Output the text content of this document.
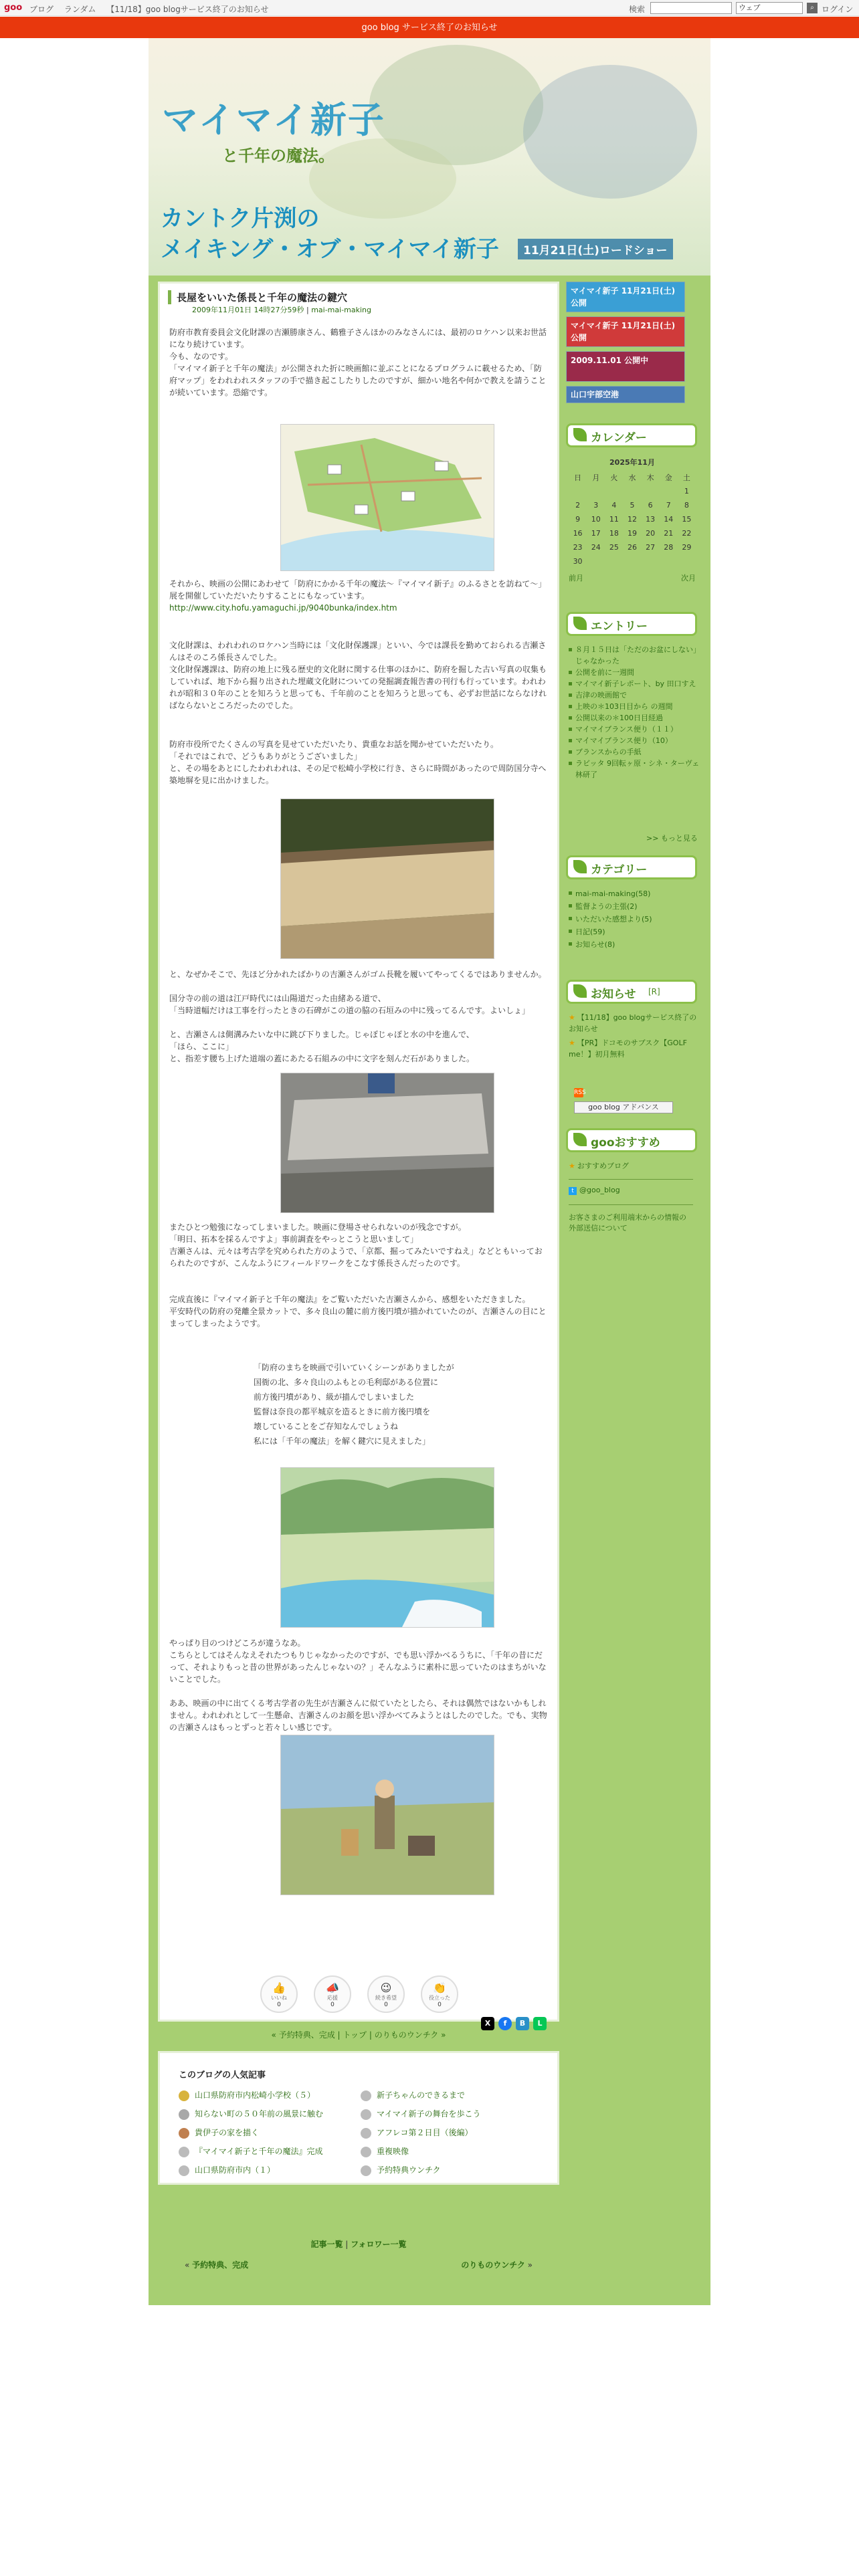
goo ブログ ランダム 【11/18】goo blogサービス終了のお知らせ	検索	ウェブ	⌕ ログイン
goo blog サービス終了のお知らせ
マイマイ新子
と千年の魔法。
カントク片渕の
メイキング・オブ・マイマイ新子	11月21日(土)ロードショー
長屋をいいた係長と千年の魔法の鍵穴
2009年11月01日 14時27分59秒 | mai-mai-making
防府市教育委員会文化財課の吉瀬勝康さん、鶴雅子さんほかのみなさんには、最初のロケハン以来お世話になり続けています。
今も、なのです。
「マイマイ新子と千年の魔法」が公開された折に映画館に並ぶことになるプログラムに載せるため、「防府マップ」をわれわれスタッフの手で描き起こしたりしたのですが、細かい地名や何かで教えを請うことが続いています。恐縮です。
それから、映画の公開にあわせて「防府にかかる千年の魔法～『マイマイ新子』のふるさとを訪ねて～」展を開催していただいたりすることにもなっています。
http://www.city.hofu.yamaguchi.jp/9040bunka/index.htm
文化財課は、われわれのロケハン当時には「文化財保護課」といい、今では課長を勤めておられる吉瀬さんはそのころ係長さんでした。
文化財保護課は、防府の地上に残る歴史的文化財に関する仕事のほかに、防府を掘した古い写真の収集もしていれば、地下から掘り出された埋蔵文化財についての発掘調査報告書の刊行も行っています。われわれが昭和３０年のことを知ろうと思っても、千年前のことを知ろうと思っても、必ずお世話にならなければならないところだったのでした。
防府市役所でたくさんの写真を見せていただいたり、貴重なお話を聞かせていただいたり。
「それではこれで、どうもありがとうございました」
と、その場をあとにしたわれわれは、その足で松崎小学校に行き、さらに時間があったので周防国分寺へ築地塀を見に出かけました。
と、なぜかそこで、先ほど分かれたばかりの吉瀬さんがゴム長靴を履いてやってくるではありませんか。
国分寺の前の道は江戸時代には山陽道だった由緒ある道で、
「当時道幅だけは工事を行ったときの石碑がこの道の脇の石垣みの中に残ってるんです。よいしょ」
と、吉瀬さんは側溝みたいな中に跳び下りました。じゃぽじゃぽと水の中を進んで、
「ほら、ここに」
と、指差す腰ち上げた道端の蓋にあたる石組みの中に文字を刻んだ石がありました。
またひとつ勉強になってしまいました。映画に登場させられないのが残念ですが。
「明日、拓本を採るんですよ」事前調査をやっとこうと思いまして」
吉瀬さんは、元々は考古学を究められた方のようで、「京都、掘ってみたいですねえ」などともいっておられたのですが、こんなふうにフィールドワークをこなす係長さんだったのです。
完成直後に『マイマイ新子と千年の魔法』をご覧いただいた吉瀬さんから、感想をいただきました。
平安時代の防府の発離全景カットで、多々良山の麓に前方後円墳が描かれていたのが、吉瀬さんの目にとまってしまったようです。
「防府のまちを映画で引いていくシーンがありましたが
国衙の北、多々良山のふもとの毛利邸がある位置に
前方後円墳があり、級が描んでしまいました
監督は奈良の都平城京を造るときに前方後円墳を
壊していることをご存知なんでしょうね
私には「千年の魔法」を解く鍵穴に見えました」
やっぱり目のつけどころが違うなあ。
こちらとしてはそんなえそれたつもりじゃなかったのですが、でも思い浮かべるうちに、「千年の昔にだって、それよりもっと昔の世界があったんじゃないの？」そんなふうに素朴に思っていたのはまちがいないことでした。
ああ、映画の中に出てくる考古学者の先生が吉瀬さんに似ていたとしたら、それは偶然ではないかもしれません。われわれとして一生懸命、吉瀬さんのお顔を思い浮かべてみようとはしたのでした。でも、実物の吉瀬さんはもっとずっと若々しい感じです。
👍
いいね
0
📣
応援
0
😉
続き希望
0
👏
役立った
0
X	f	B	L
« 予約特典、完成 | トップ | のりものウンチク »
このブログの人気記事
山口県防府市内松崎小学校（５）
知らない町の５０年前の風景に触む
貴伊子の家を描く
『マイマイ新子と千年の魔法』完成
山口県防府市内（１）
新子ちゃんのできるまで
マイマイ新子の舞台を歩こう
アフレコ第２日目（後編）
重複映像
予約特典ウンチク
記事一覧 | フォロワー一覧
« 予約特典、完成	のりものウンチク »
マイマイ新子 11月21日(土)公開
マイマイ新子 11月21日(土)公開
2009.11.01 公開中
山口宇部空港
カレンダー
2025年11月
日	月	火	水	木	金	土
						1
2	3	4	5	6	7	8
9	10	11	12	13	14	15
16	17	18	19	20	21	22
23	24	25	26	27	28	29
30						
前月	次月
エントリー
８月１５日は「ただのお盆にしない」じゃなかった
公開を前に一週間
マイマイ新子レポート、by 田口すえ
吉津の映画館で
上映の＊103日目から の週間
公開以来の＊100日目経過
マイマイブランス便り（１１）
マイマイブランス便り（10）
ブランスからの手紙
ラビッタ 9回転ヶ原・シネ・ターヴェ林研了
>> もっと見る
カテゴリー
mai-mai-making(58)
監督ようの主張(2)
いただいた感想より(5)
日記(59)
お知らせ(8)
お知らせ [R]
★ 【11/18】goo blogサービス終了のお知らせ
★ 【PR】ドコモのサブスク【GOLF me！】初月無料
RSS
goo blog アドバンス
gooおすすめ
★ おすすめブログ
t @goo_blog
お客さまのご利用端末からの情報の外部送信について
